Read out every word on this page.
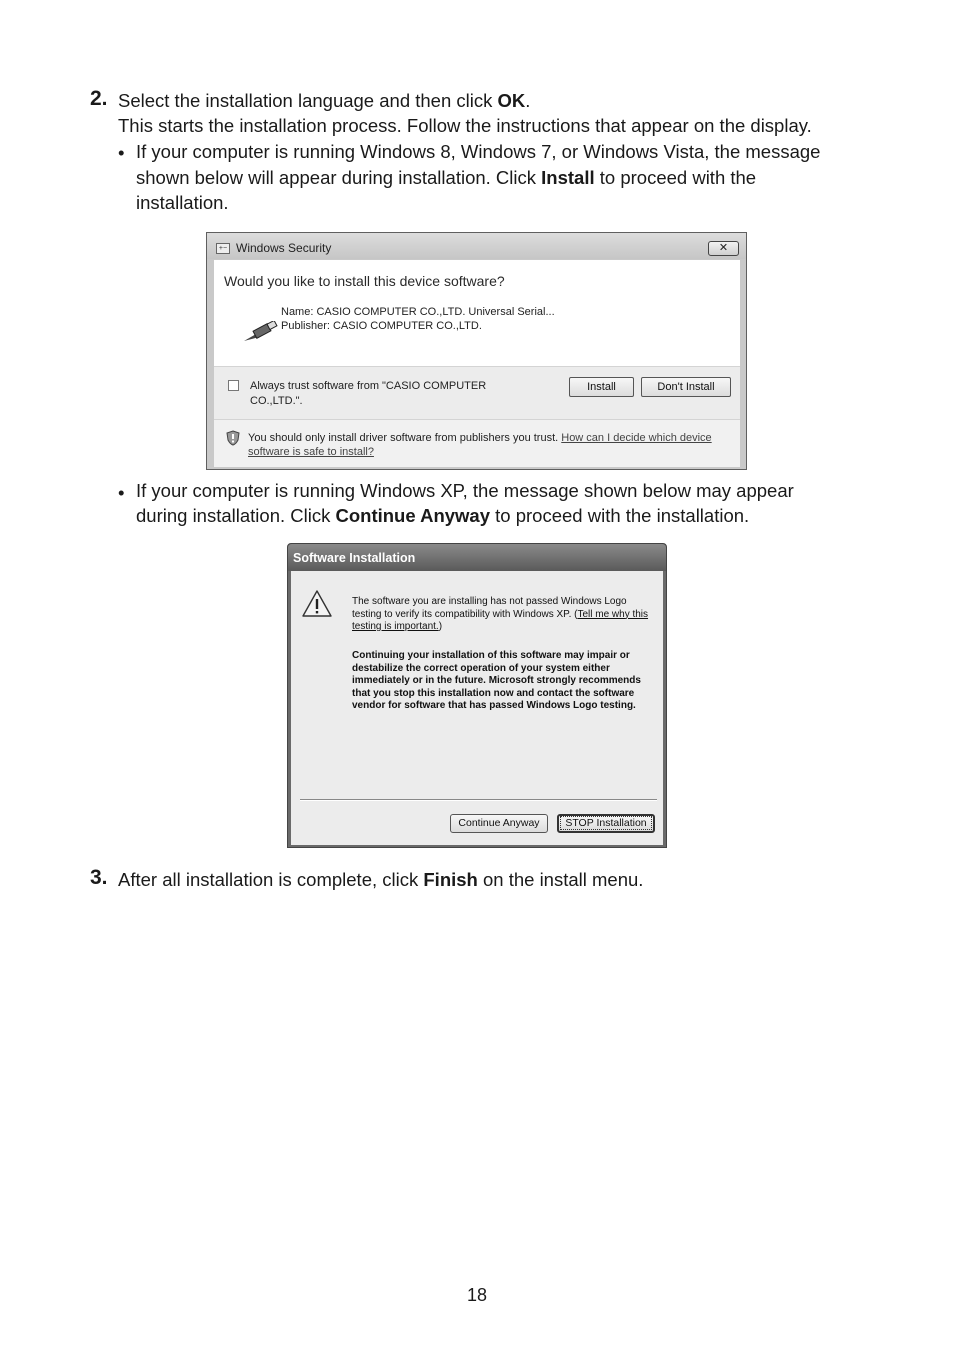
2. Select the installation language and then click OK.
This starts the installation process. Follow the instructions that appear on the display.
• If your computer is running Windows 8, Windows 7, or Windows Vista, the message
shown below will appear during installation. Click Install to proceed with the
installation.
+− Windows Security	✕
Would you like to install this device software?
Name: CASIO COMPUTER CO.,LTD. Universal Serial...
Publisher: CASIO COMPUTER CO.,LTD.
Always trust software from "CASIO COMPUTER CO.,LTD.".
Install	Don't Install
You should only install driver software from publishers you trust. How can I decide which device software is safe to install?
• If your computer is running Windows XP, the message shown below may appear
during installation. Click Continue Anyway to proceed with the installation.
Software Installation
The software you are installing has not passed Windows Logo testing to verify its compatibility with Windows XP. (Tell me why this testing is important.)
Continuing your installation of this software may impair or destabilize the correct operation of your system either immediately or in the future. Microsoft strongly recommends that you stop this installation now and contact the software vendor for software that has passed Windows Logo testing.
Continue Anyway	STOP Installation
3. After all installation is complete, click Finish on the install menu.
18
